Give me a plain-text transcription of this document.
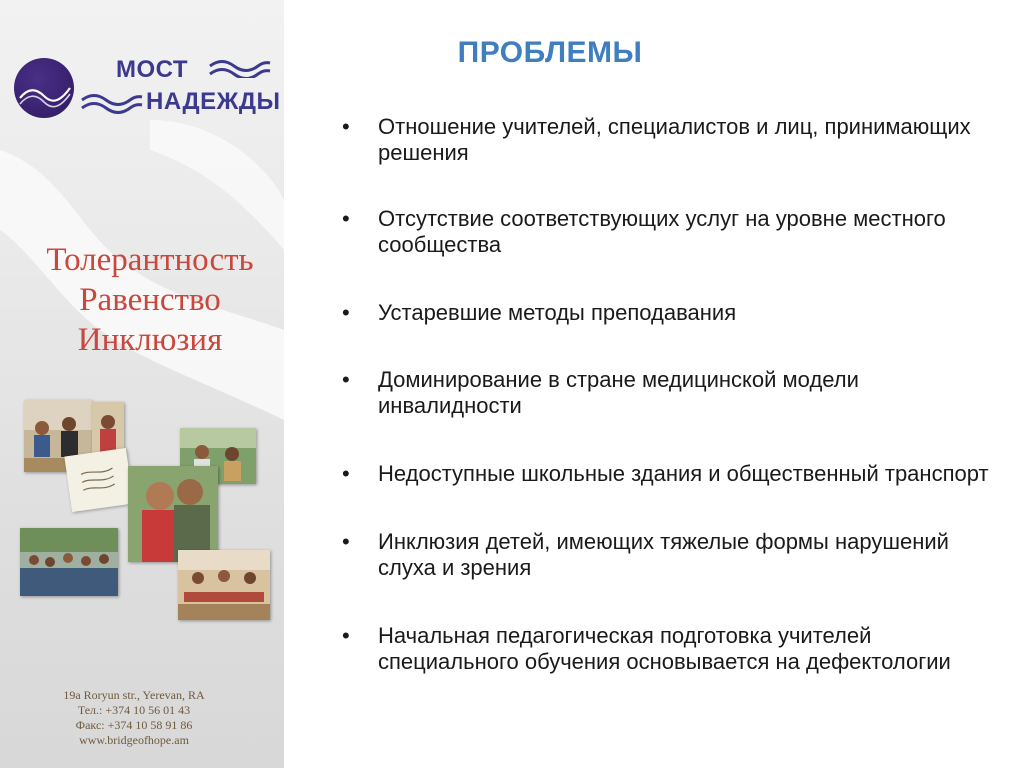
МОСТ
НАДЕЖДЫ
Толерантность
Равенство
Инклюзия
19a Roryun str., Yerevan, RA
Тел.: +374 10 56 01 43
Факс: +374 10 58 91 86
www.bridgeofhope.am
ПРОБЛЕМЫ
• Отношение учителей, специалистов и лиц, принимающих решения
• Отсутствие соответствующих услуг на уровне местного сообщества
• Устаревшие методы преподавания
• Доминирование в стране медицинской модели инвалидности
• Недоступные школьные здания и общественный транспорт
• Инклюзия детей, имеющих тяжелые формы нарушений слуха и зрения
• Начальная педагогическая подготовка учителей специального обучения основывается на дефектологии
